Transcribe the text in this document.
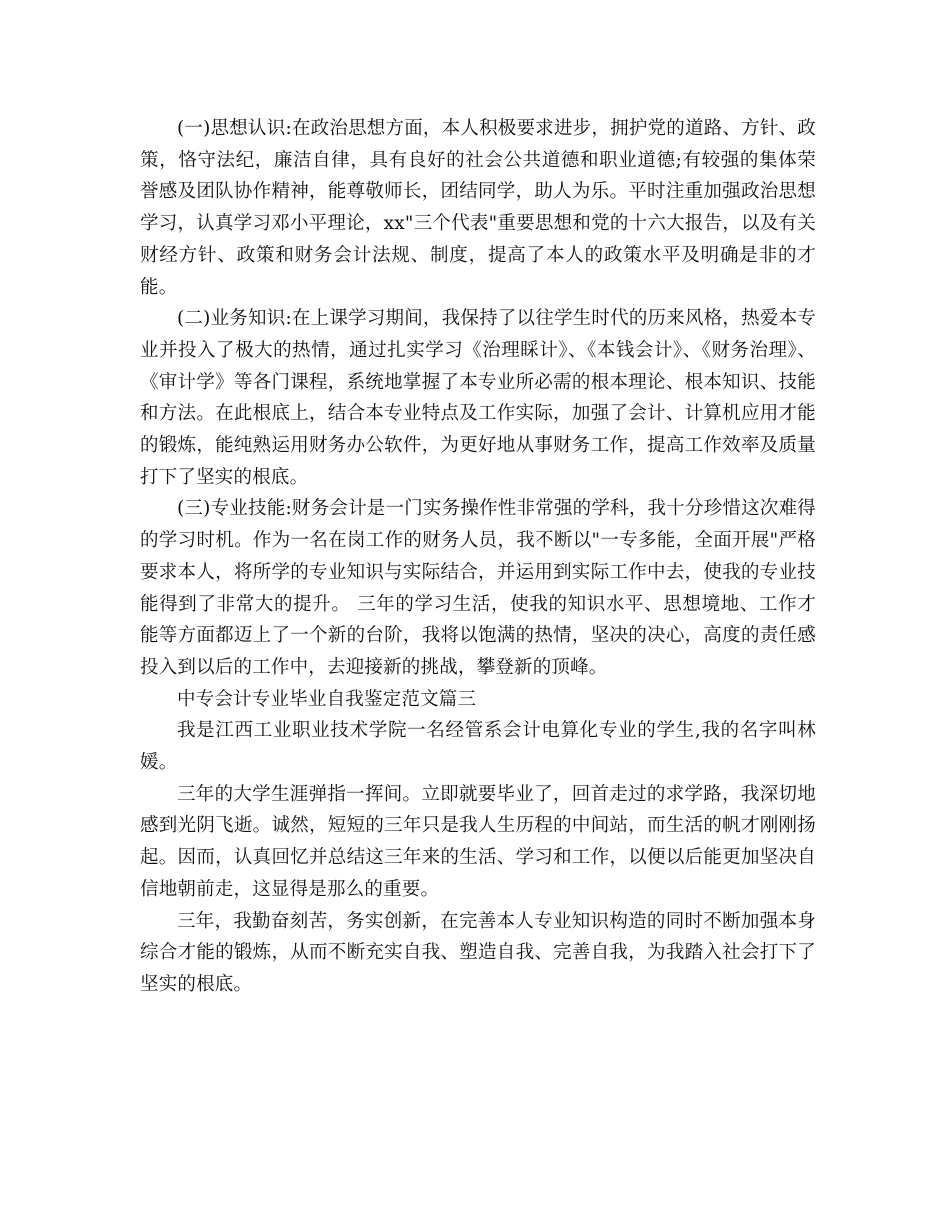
(一)思想认识:在政治思想方面，本人积极要求进步，拥护党的道路、方针、政策，恪守法纪，廉洁自律，具有良好的社会公共道德和职业道德;有较强的集体荣誉感及团队协作精神，能尊敬师长，团结同学，助人为乐。平时注重加强政治思想学习，认真学习邓小平理论，xx"三个代表"重要思想和党的十六大报告，以及有关财经方针、政策和财务会计法规、制度，提高了本人的政策水平及明确是非的才能。

(二)业务知识:在上课学习期间，我保持了以往学生时代的历来风格，热爱本专业并投入了极大的热情，通过扎实学习《治理睬计》、《本钱会计》、《财务治理》、《审计学》等各门课程，系统地掌握了本专业所必需的根本理论、根本知识、技能和方法。在此根底上，结合本专业特点及工作实际，加强了会计、计算机应用才能的锻炼，能纯熟运用财务办公软件，为更好地从事财务工作，提高工作效率及质量打下了坚实的根底。

(三)专业技能:财务会计是一门实务操作性非常强的学科，我十分珍惜这次难得的学习时机。作为一名在岗工作的财务人员，我不断以"一专多能，全面开展"严格要求本人，将所学的专业知识与实际结合，并运用到实际工作中去，使我的专业技能得到了非常大的提升。 三年的学习生活，使我的知识水平、思想境地、工作才能等方面都迈上了一个新的台阶，我将以饱满的热情，坚决的决心，高度的责任感投入到以后的工作中，去迎接新的挑战，攀登新的顶峰。

中专会计专业毕业自我鉴定范文篇三

我是江西工业职业技术学院一名经管系会计电算化专业的学生,我的名字叫林媛。

三年的大学生涯弹指一挥间。立即就要毕业了，回首走过的求学路，我深切地感到光阴飞逝。诚然，短短的三年只是我人生历程的中间站，而生活的帆才刚刚扬起。因而，认真回忆并总结这三年来的生活、学习和工作，以便以后能更加坚决自信地朝前走，这显得是那么的重要。

三年，我勤奋刻苦，务实创新，在完善本人专业知识构造的同时不断加强本身综合才能的锻炼，从而不断充实自我、塑造自我、完善自我，为我踏入社会打下了坚实的根底。
